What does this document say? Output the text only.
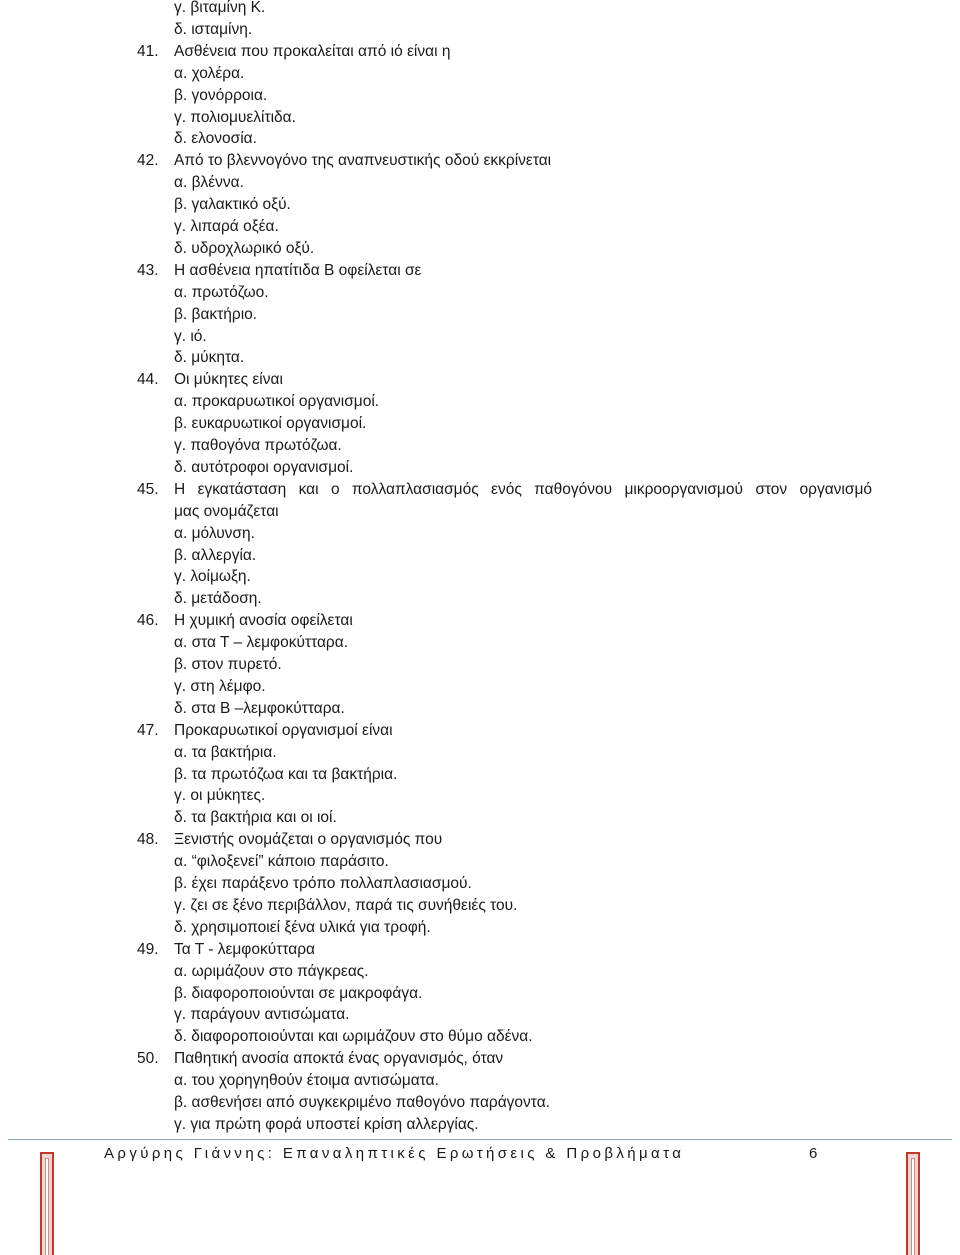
γ. βιταμίνη Κ.
δ. ισταμίνη.
41. Ασθένεια που προκαλείται από ιό είναι η
α. χολέρα.
β. γονόρροια.
γ. πολιομυελίτιδα.
δ. ελονοσία.
42. Από το βλεννογόνο της αναπνευστικής οδού εκκρίνεται
α. βλέννα.
β. γαλακτικό οξύ.
γ. λιπαρά οξέα.
δ. υδροχλωρικό οξύ.
43. Η ασθένεια ηπατίτιδα Β οφείλεται σε
α. πρωτόζωο.
β. βακτήριο.
γ. ιό.
δ. μύκητα.
44. Οι μύκητες είναι
α. προκαρυωτικοί οργανισμοί.
β. ευκαρυωτικοί οργανισμοί.
γ. παθογόνα πρωτόζωα.
δ. αυτότροφοι οργανισμοί.
45. Η εγκατάσταση και ο πολλαπλασιασμός ενός παθογόνου μικροοργανισμού στον οργανισμό
μας ονομάζεται
α. μόλυνση.
β. αλλεργία.
γ. λοίμωξη.
δ. μετάδοση.
46. Η χυμική ανοσία οφείλεται
α. στα Τ – λεμφοκύτταρα.
β. στον πυρετό.
γ. στη λέμφο.
δ. στα Β –λεμφοκύτταρα.
47. Προκαρυωτικοί οργανισμοί είναι
α. τα βακτήρια.
β. τα πρωτόζωα και τα βακτήρια.
γ. οι μύκητες.
δ. τα βακτήρια και οι ιοί.
48. Ξενιστής ονομάζεται ο οργανισμός που
α. “φιλοξενεί” κάποιο παράσιτο.
β. έχει παράξενο τρόπο πολλαπλασιασμού.
γ. ζει σε ξένο περιβάλλον, παρά τις συνήθειές του.
δ. χρησιμοποιεί ξένα υλικά για τροφή.
49. Τα Τ - λεμφοκύτταρα
α. ωριμάζουν στο πάγκρεας.
β. διαφοροποιούνται σε μακροφάγα.
γ. παράγουν αντισώματα.
δ. διαφοροποιούνται και ωριμάζουν στο θύμο αδένα.
50. Παθητική ανοσία αποκτά ένας οργανισμός, όταν
α. του χορηγηθούν έτοιμα αντισώματα.
β. ασθενήσει από συγκεκριμένο παθογόνο παράγοντα.
γ. για πρώτη φορά υποστεί κρίση αλλεργίας.
Αργύρης Γιάννης: Επαναληπτικές Ερωτήσεις & Προβλήματα	6
